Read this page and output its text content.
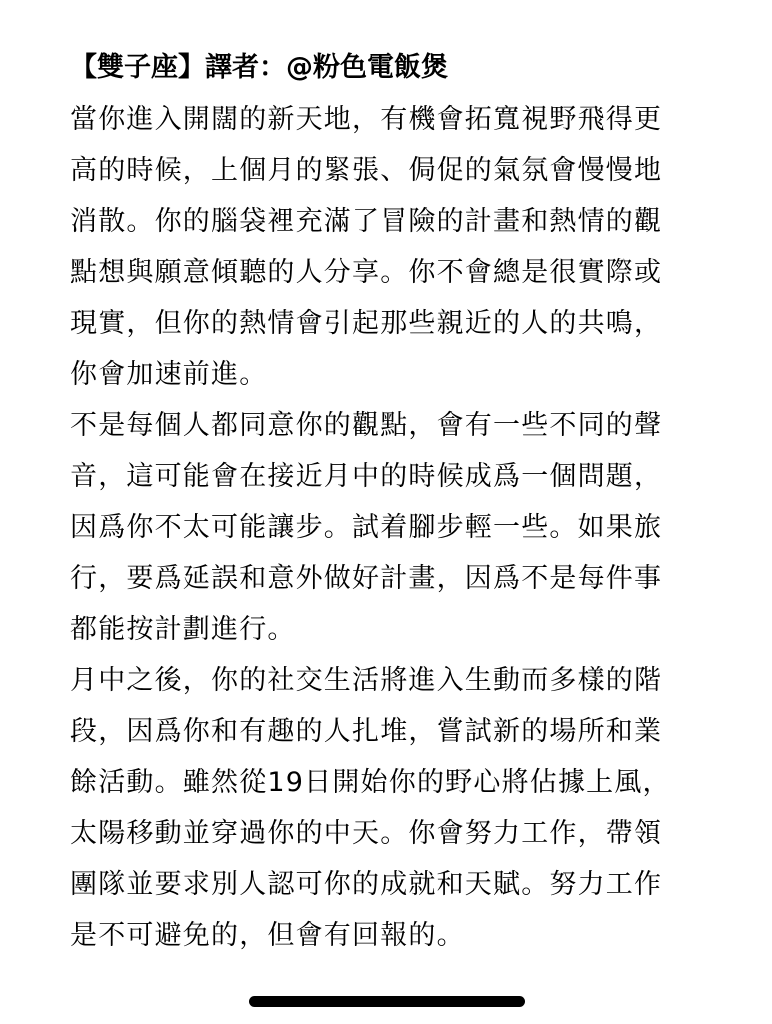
【雙子座】譯者：@粉色電飯煲

當你進入開闊的新天地，有機會拓寬視野飛得更
高的時候，上個月的緊張、侷促的氣氛會慢慢地
消散。你的腦袋裡充滿了冒險的計畫和熱情的觀
點想與願意傾聽的人分享。你不會總是很實際或
現實，但你的熱情會引起那些親近的人的共鳴，
你會加速前進。

不是每個人都同意你的觀點，會有一些不同的聲
音，這可能會在接近月中的時候成爲一個問題，
因爲你不太可能讓步。試着腳步輕一些。如果旅
行，要爲延誤和意外做好計畫，因爲不是每件事
都能按計劃進行。

月中之後，你的社交生活將進入生動而多樣的階
段，因爲你和有趣的人扎堆，嘗試新的場所和業
餘活動。雖然從19日開始你的野心將佔據上風，
太陽移動並穿過你的中天。你會努力工作，帶領
團隊並要求別人認可你的成就和天賦。努力工作
是不可避免的，但會有回報的。
